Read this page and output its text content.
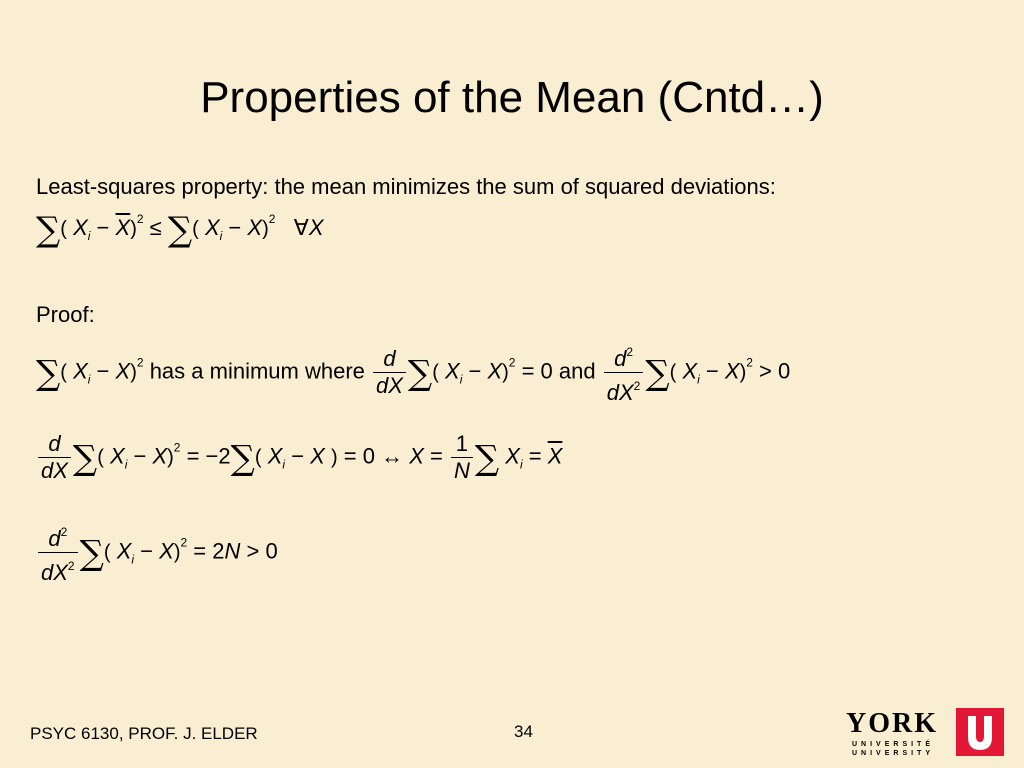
Properties of the Mean (Cntd…)
Least-squares property: the mean minimizes the sum of squared deviations:
∑( $X_i - \overline{X})^2$ ≤ ∑( $X_i - X)^2$   ∀X
Proof:
∑( $X_i - X)^2$ has a minimum where $\frac{d}{dX}$ ∑( $X_i - X)^2 = 0$ and $\frac{d^2}{dX^2}$ ∑( $X_i - X)^2 > 0$
$\frac{d}{dX}$ ∑( $X_i - X)^2 = -2\sum$( $X_i - X$ ) = 0 ↔ $X = \frac{1}{N}$ ∑ $X_i = \overline{X}$
$\frac{d^2}{dX^2}$ ∑( $X_i - X)^2 = 2N > 0$
PSYC 6130, PROF. J. ELDER	34	YORK
UNIVERSITÉ
UNIVERSITY
